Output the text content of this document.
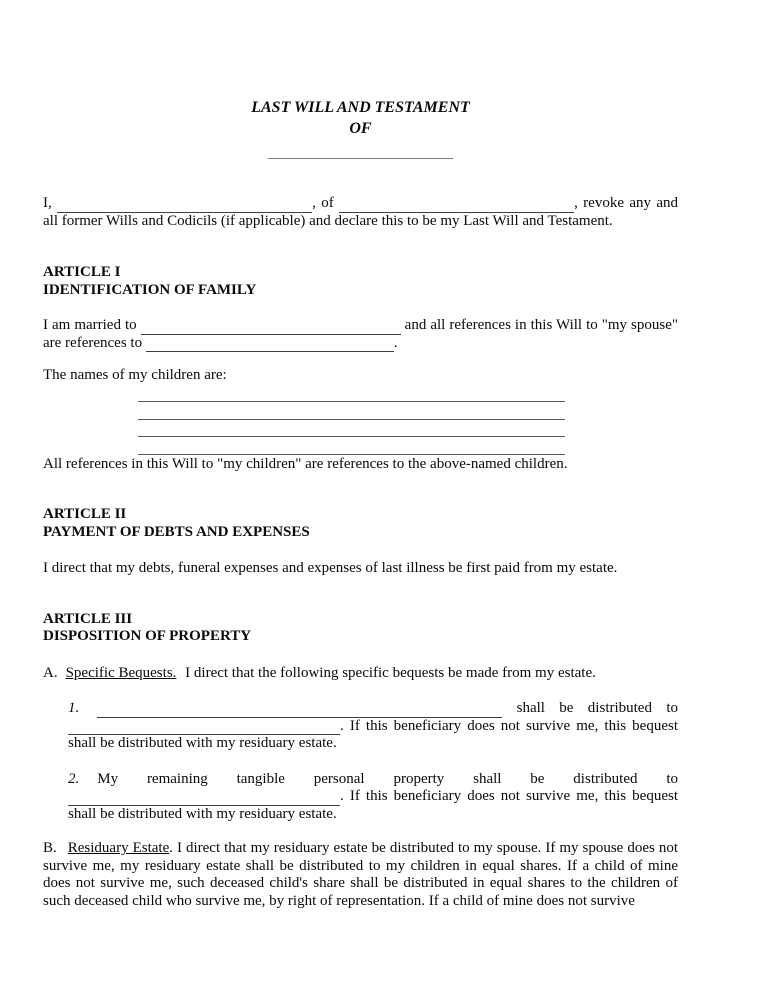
LAST WILL AND TESTAMENT
OF

I,	, of	, revoke any and all former Wills and Codicils (if applicable) and declare this to be my Last Will and Testament.

ARTICLE I
IDENTIFICATION OF FAMILY

I am married to	and all references in this Will to "my spouse" are references to	.

The names of my children are:

All references in this Will to "my children" are references to the above-named children.

ARTICLE II
PAYMENT OF DEBTS AND EXPENSES

I direct that my debts, funeral expenses and expenses of last illness be first paid from my estate.

ARTICLE III
DISPOSITION OF PROPERTY

A. Specific Bequests. I direct that the following specific bequests be made from my estate.

1.	shall be distributed to
. If this beneficiary does not survive me, this bequest
shall be distributed with my residuary estate.
2. My remaining tangible personal property shall be distributed to
. If this beneficiary does not survive me, this bequest
shall be distributed with my residuary estate.

B. Residuary Estate. I direct that my residuary estate be distributed to my spouse. If my spouse does not survive me, my residuary estate shall be distributed to my children in equal shares. If a child of mine does not survive me, such deceased child's share shall be distributed in equal shares to the children of such deceased child who survive me, by right of representation. If a child of mine does not survive
